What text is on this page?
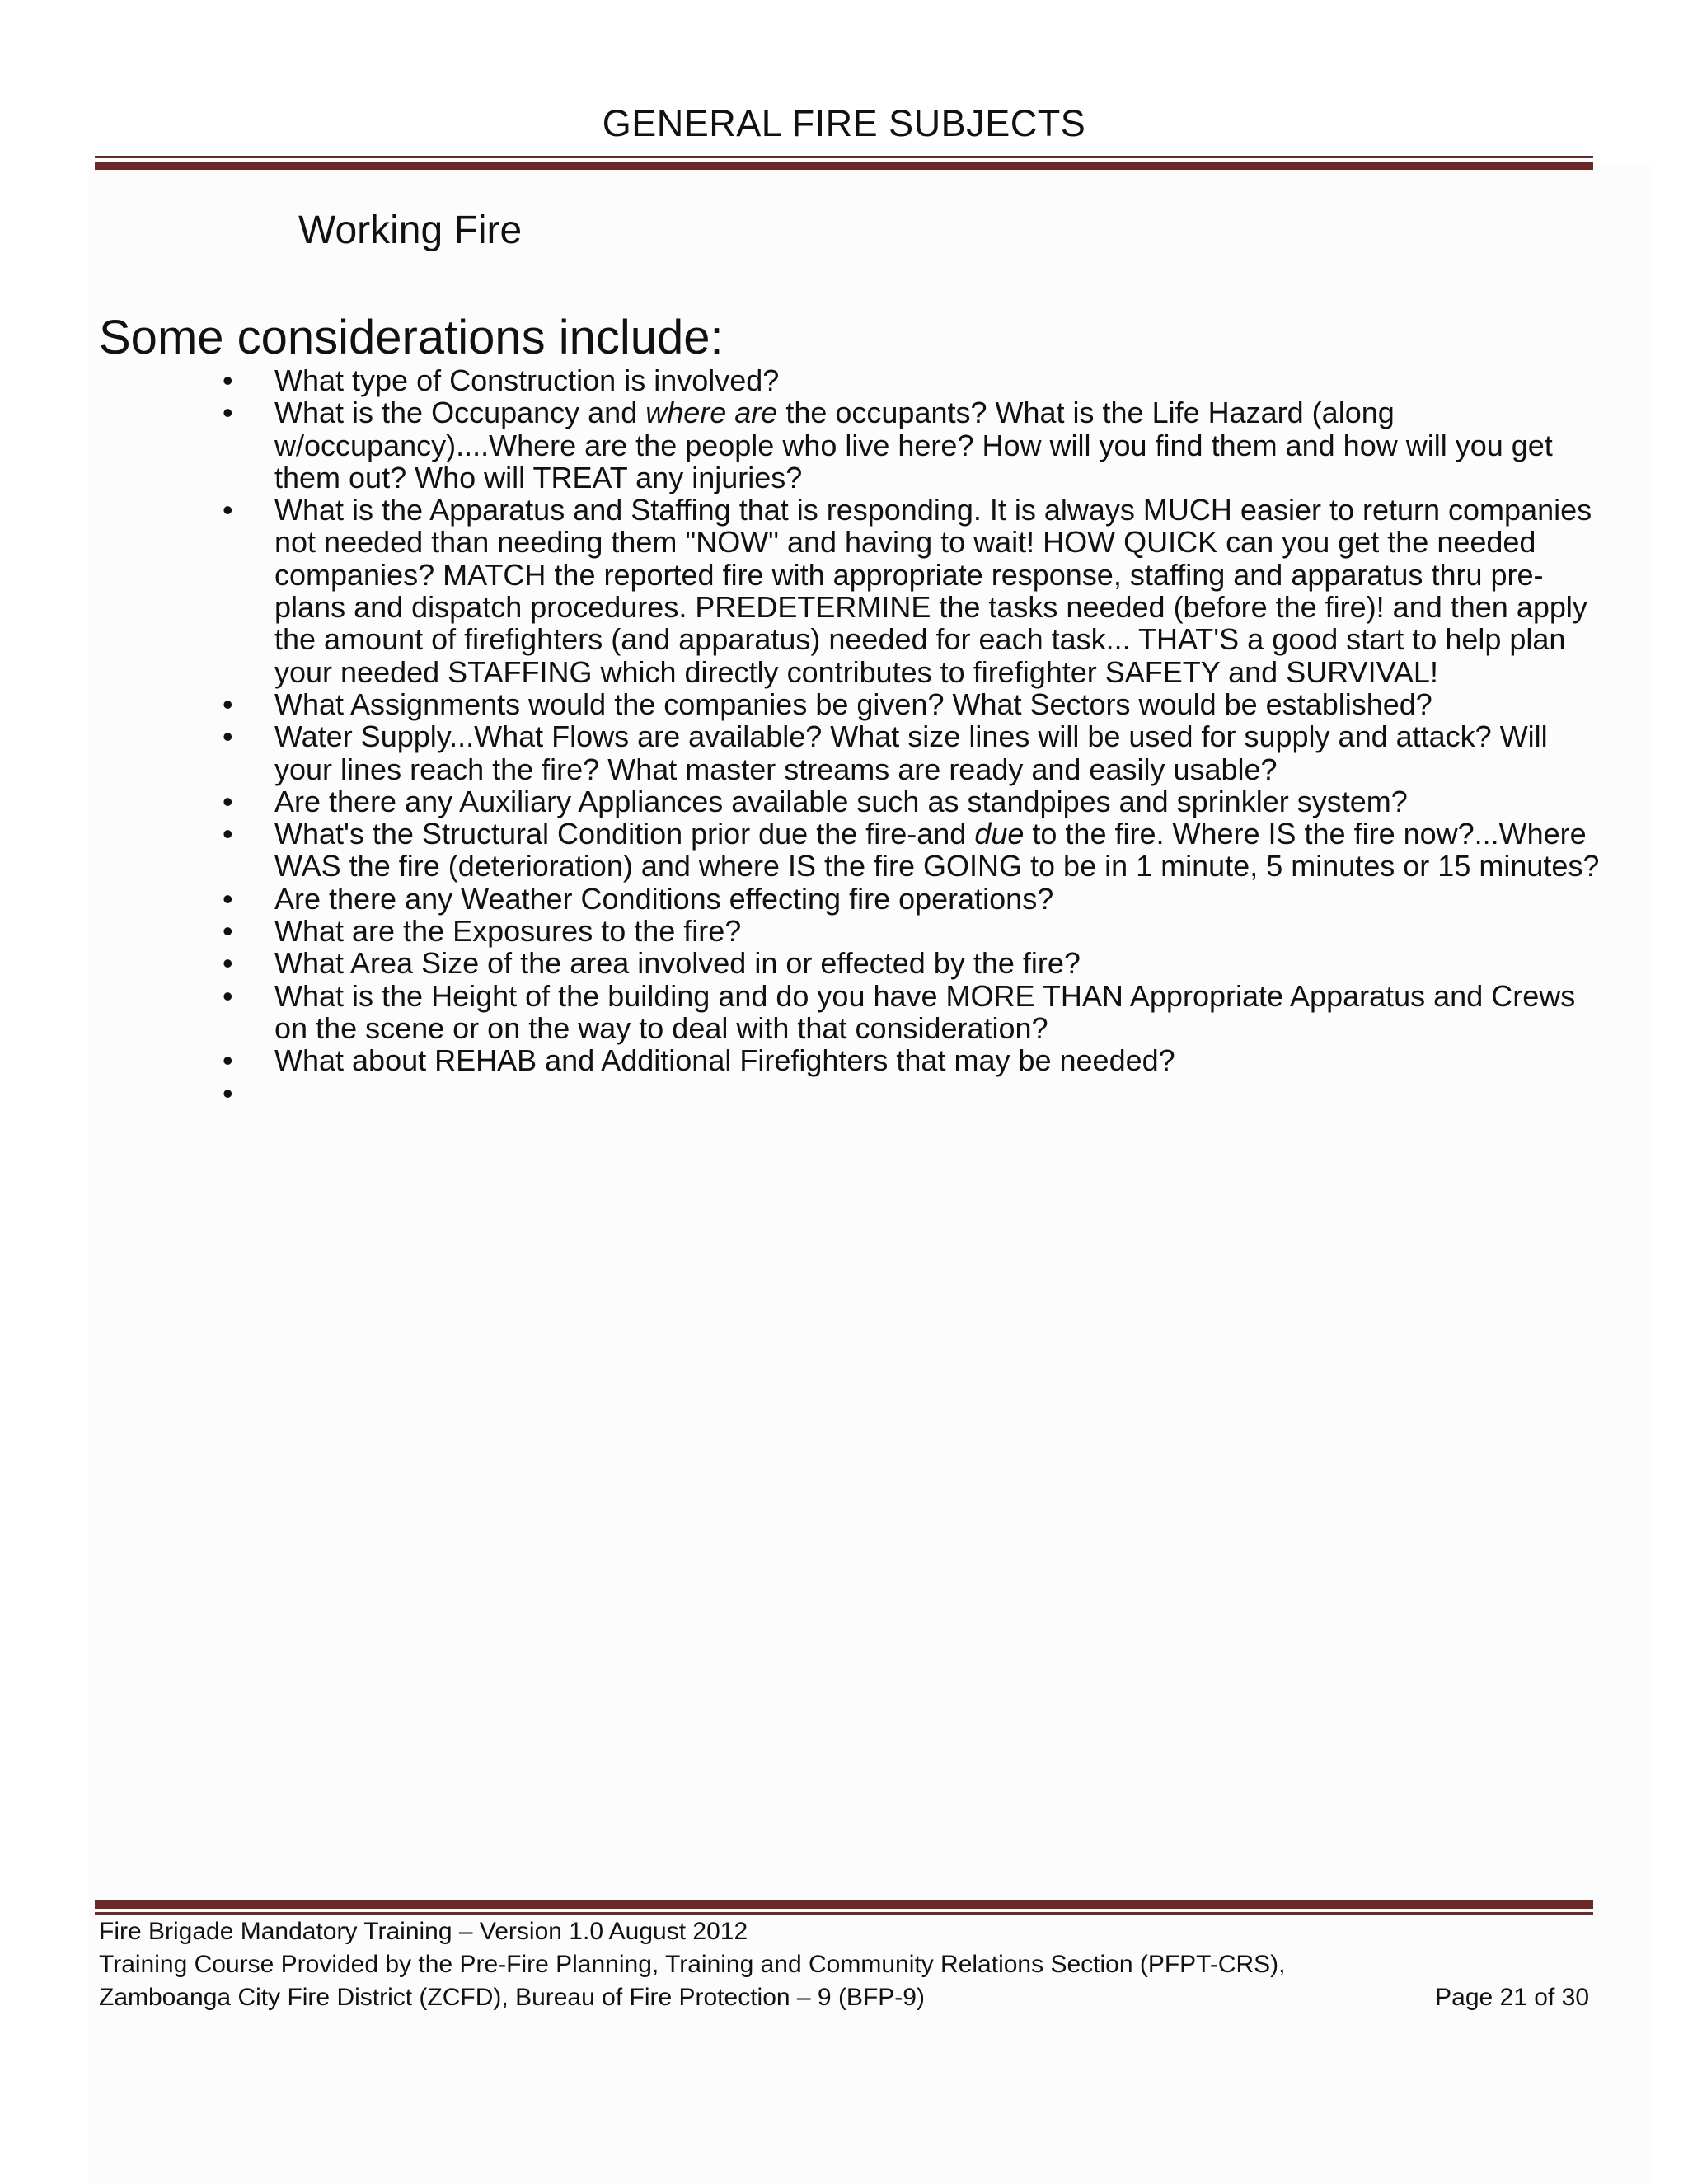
GENERAL FIRE SUBJECTS
Working Fire
Some considerations include:
• What type of Construction is involved?
• What is the Occupancy and where are the occupants? What is the Life Hazard (along w/occupancy)....Where are the people who live here? How will you find them and how will you get them out? Who will TREAT any injuries?
• What is the Apparatus and Staffing that is responding. It is always MUCH easier to return companies not needed than needing them "NOW" and having to wait! HOW QUICK can you get the needed companies? MATCH the reported fire with appropriate response, staffing and apparatus thru pre-plans and dispatch procedures. PREDETERMINE the tasks needed (before the fire)! and then apply the amount of firefighters (and apparatus) needed for each task... THAT'S a good start to help plan your needed STAFFING which directly contributes to firefighter SAFETY and SURVIVAL!
• What Assignments would the companies be given? What Sectors would be established?
• Water Supply...What Flows are available? What size lines will be used for supply and attack? Will your lines reach the fire? What master streams are ready and easily usable?
• Are there any Auxiliary Appliances available such as standpipes and sprinkler system?
• What's the Structural Condition prior due the fire-and due to the fire. Where IS the fire now?...Where WAS the fire (deterioration) and where IS the fire GOING to be in 1 minute, 5 minutes or 15 minutes?
• Are there any Weather Conditions effecting fire operations?
• What are the Exposures to the fire?
• What Area Size of the area involved in or effected by the fire?
• What is the Height of the building and do you have MORE THAN Appropriate Apparatus and Crews on the scene or on the way to deal with that consideration?
• What about REHAB and Additional Firefighters that may be needed?
•

Fire Brigade Mandatory Training – Version 1.0 August 2012
Training Course Provided by the Pre-Fire Planning, Training and Community Relations Section (PFPT-CRS),
Zamboanga City Fire District (ZCFD), Bureau of Fire Protection – 9 (BFP-9)	Page 21 of 30
